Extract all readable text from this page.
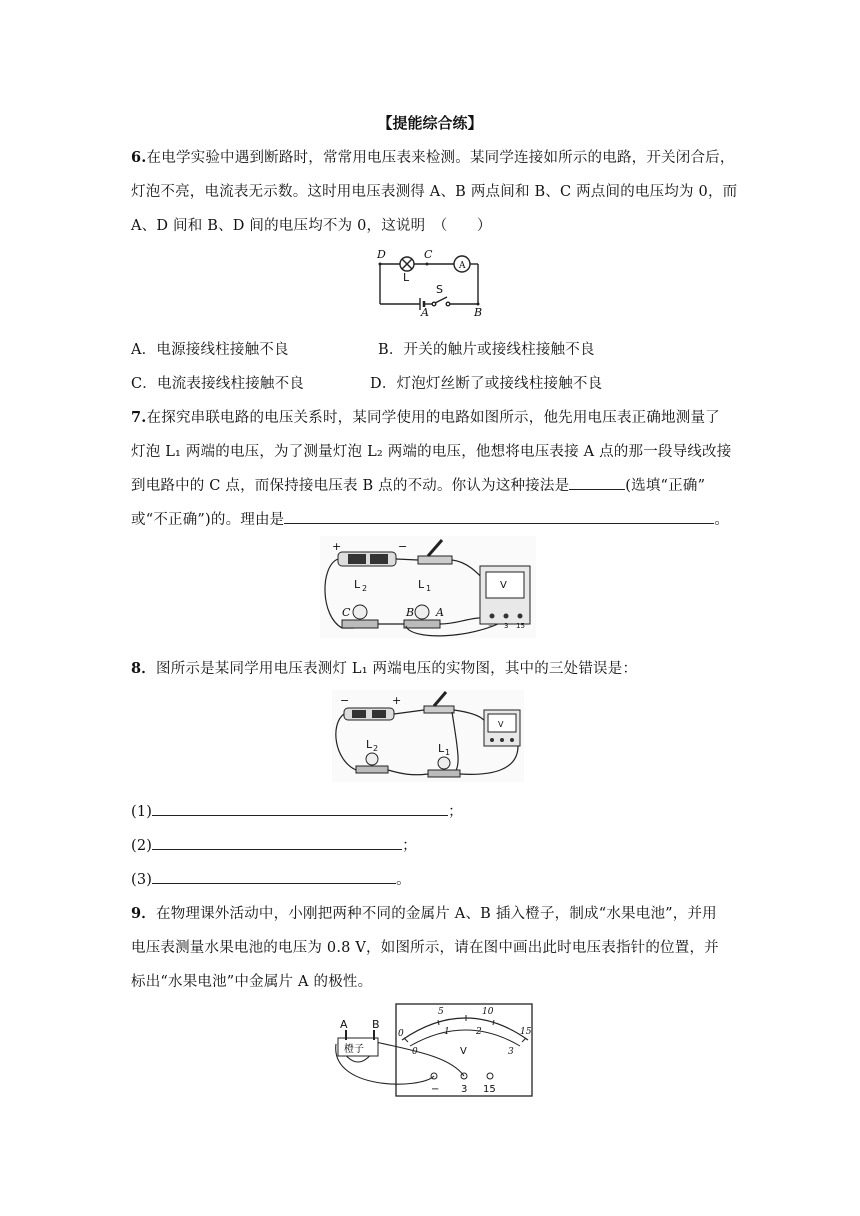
【提能综合练】
6.在电学实验中遇到断路时，常常用电压表来检测。某同学连接如所示的电路，开关闭合后，
灯泡不亮，电流表无示数。这时用电压表测得 A、B 两点间和 B、C 两点间的电压均为 0，而
A、D 间和 B、D 间的电压均不为 0，这说明　（　　）
D	C
L
S
A	B
A
A．电源接线柱接触不良	B．开关的触片或接线柱接触不良
C．电流表接线柱接触不良	D．灯泡灯丝断了或接线柱接触不良
7.在探究串联电路的电压关系时，某同学使用的电路如图所示，他先用电压表正确地测量了
灯泡 L₁ 两端的电压，为了测量灯泡 L₂ 两端的电压，他想将电压表接 A 点的那一段导线改接
到电路中的 C 点，而保持接电压表 B 点的不动。你认为这种接法是	(选填“正确”
或“不正确”)的。理由是	。
+	−
L 2	L 1
C	B A
V
− 3 15
8．图所示是某同学用电压表测灯 L₁ 两端电压的实物图，其中的三处错误是：
−	+
L 2	L 1
V
(1)	；
(2)	；
(3)	。
9．在物理课外活动中，小刚把两种不同的金属片 A、B 插入橙子，制成“水果电池”，并用
电压表测量水果电池的电压为 0.8 V，如图所示，请在图中画出此时电压表指针的位置，并
标出“水果电池”中金属片 A 的极性。
0
5	10
15
0
1	2
3
V
− 3 15
橙子
A B
